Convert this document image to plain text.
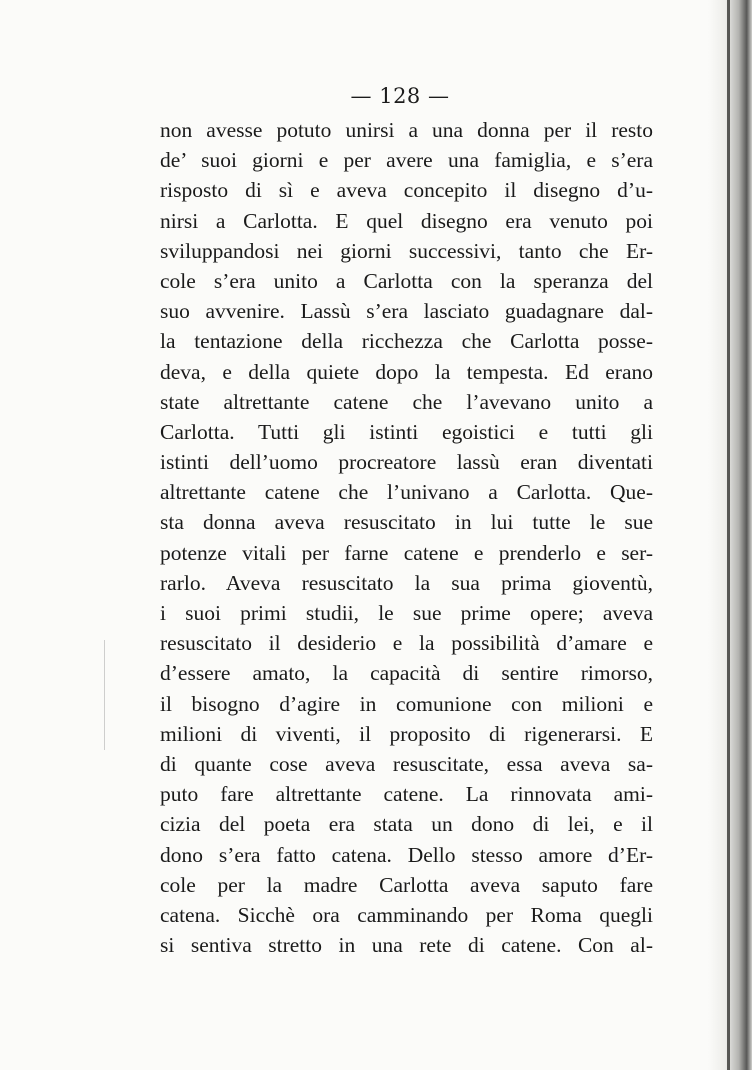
— 128 —
non avesse potuto unirsi a una donna per il resto
de’ suoi giorni e per avere una famiglia, e s’era
risposto di sì e aveva concepito il disegno d’u-
nirsi a Carlotta. E quel disegno era venuto poi
sviluppandosi nei giorni successivi, tanto che Er-
cole s’era unito a Carlotta con la speranza del
suo avvenire. Lassù s’era lasciato guadagnare dal-
la tentazione della ricchezza che Carlotta posse-
deva, e della quiete dopo la tempesta. Ed erano
state altrettante catene che l’avevano unito a
Carlotta. Tutti gli istinti egoistici e tutti gli
istinti dell’uomo procreatore lassù eran diventati
altrettante catene che l’univano a Carlotta. Que-
sta donna aveva resuscitato in lui tutte le sue
potenze vitali per farne catene e prenderlo e ser-
rarlo. Aveva resuscitato la sua prima gioventù,
i suoi primi studii, le sue prime opere; aveva
resuscitato il desiderio e la possibilità d’amare e
d’essere amato, la capacità di sentire rimorso,
il bisogno d’agire in comunione con milioni e
milioni di viventi, il proposito di rigenerarsi. E
di quante cose aveva resuscitate, essa aveva sa-
puto fare altrettante catene. La rinnovata ami-
cizia del poeta era stata un dono di lei, e il
dono s’era fatto catena. Dello stesso amore d’Er-
cole per la madre Carlotta aveva saputo fare
catena. Sicchè ora camminando per Roma quegli
si sentiva stretto in una rete di catene. Con al-
